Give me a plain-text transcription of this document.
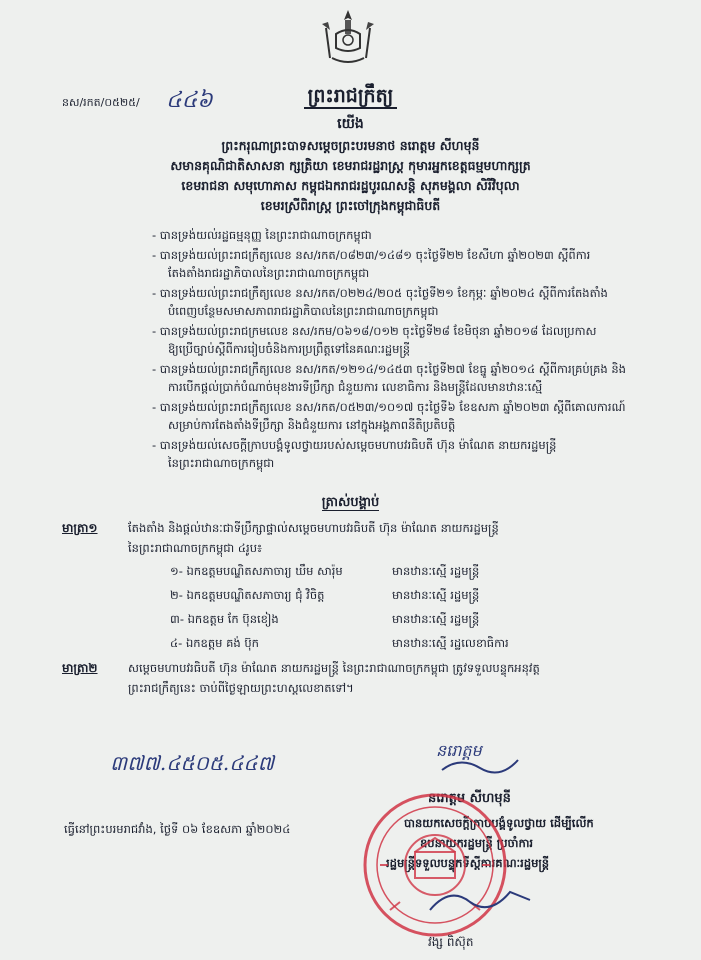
នស/រកត/០៥២៥/ ៤៤៦	ព្រះរាជក្រឹត្យ
យើង
ព្រះករុណាព្រះបាទសម្តេចព្រះបរមនាថ នរោត្តម សីហមុនី
សមានគុណិជាតិសាសនា ក្សត្រិយា ខេមរាជរដ្ឋរាស្ត្រ កុមារអ្នកខេត្តធម្មមហាក្សត្រ
ខេមរាជនា សមុហោភាស កម្ពុជឯករាជរដ្ឋបូរណសន្តិ សុភមង្គលា សិរីវិបុលា
ខេមរស្រីពិរាស្ត្រ ព្រះចៅក្រុងកម្ពុជាធិបតី
- បានទ្រង់យល់រដ្ឋធម្មនុញ្ញ នៃព្រះរាជាណាចក្រកម្ពុជា
- បានទ្រង់យល់ព្រះរាជក្រឹត្យលេខ នស/រកត/០៨២៣/១៤៨១ ចុះថ្ងៃទី២២ ខែសីហា ឆ្នាំ២០២៣ ស្តីពីការ
តែងតាំងរាជរដ្ឋាភិបាលនៃព្រះរាជាណាចក្រកម្ពុជា
- បានទ្រង់យល់ព្រះរាជក្រឹត្យលេខ នស/រកត/០២២៤/២០៥ ចុះថ្ងៃទី២១ ខែកុម្ភៈ ឆ្នាំ២០២៤ ស្តីពីការតែងតាំង
បំពេញបន្ថែមសមាសភាពរាជរដ្ឋាភិបាលនៃព្រះរាជាណាចក្រកម្ពុជា
- បានទ្រង់យល់ព្រះរាជក្រមលេខ នស/រកម/០៦១៨/០១២ ចុះថ្ងៃទី២៨ ខែមិថុនា ឆ្នាំ២០១៨ ដែលប្រកាស
ឱ្យប្រើច្បាប់ស្តីពីការរៀបចំនិងការប្រព្រឹត្តទៅនៃគណៈរដ្ឋមន្ត្រី
- បានទ្រង់យល់ព្រះរាជក្រឹត្យលេខ នស/រកត/១២១៤/១៤៥៣ ចុះថ្ងៃទី២៧ ខែធ្នូ ឆ្នាំ២០១៤ ស្តីពីការគ្រប់គ្រង និង
ការបើកផ្តល់ប្រាក់បំណាច់មុខងារទីប្រឹក្សា ជំនួយការ លេខាធិការ និងមន្ត្រីដែលមានឋានៈស្មើ
- បានទ្រង់យល់ព្រះរាជក្រឹត្យលេខ នស/រកត/០៥២៣/១០១៧ ចុះថ្ងៃទី៦ ខែឧសភា ឆ្នាំ២០២៣ ស្តីពីគោលការណ៍
សម្រាប់ការតែងតាំងទីប្រឹក្សា និងជំនួយការ នៅក្នុងអង្គភាពនីតិប្រតិបត្តិ
- បានទ្រង់យល់សេចក្តីក្រាបបង្គំទូលថ្វាយរបស់សម្តេចមហាបវរធិបតី ហ៊ុន ម៉ាណែត នាយករដ្ឋមន្ត្រី
នៃព្រះរាជាណាចក្រកម្ពុជា
ត្រាស់បង្គាប់
មាត្រា១	តែងតាំង និងផ្តល់ឋានៈជាទីប្រឹក្សាផ្ទាល់សម្តេចមហាបវរធិបតី ហ៊ុន ម៉ាណែត នាយករដ្ឋមន្ត្រី
នៃព្រះរាជាណាចក្រកម្ពុជា ៤រូប៖
១- ឯកឧត្តមបណ្ឌិតសភាចារ្យ ឃឹម សារ៉ុម	មានឋានៈស្មើ រដ្ឋមន្ត្រី
២- ឯកឧត្តមបណ្ឌិតសភាចារ្យ ជុំ វិចិត្ត	មានឋានៈស្មើ រដ្ឋមន្ត្រី
៣- ឯកឧត្តម កែ ប៊ុនខៀង	មានឋានៈស្មើ រដ្ឋមន្ត្រី
៤- ឯកឧត្តម គង់ ប៊ុក	មានឋានៈស្មើ រដ្ឋលេខាធិការ
មាត្រា២	សម្តេចមហាបវរធិបតី ហ៊ុន ម៉ាណែត នាយករដ្ឋមន្ត្រី នៃព្រះរាជាណាចក្រកម្ពុជា ត្រូវទទួលបន្ទុកអនុវត្ត
ព្រះរាជក្រឹត្យនេះ ចាប់ពីថ្ងៃឡាយព្រះហស្តលេខាតទៅ។
៣៧៧.៤៥០៥.៤៤៧
នរោត្តម
នរោត្តម សីហមុនី
ធ្វើនៅព្រះបរមរាជវាំង, ថ្ងៃទី ០៦ ខែឧសភា ឆ្នាំ២០២៤	បានយកសេចក្តីក្រាបបង្គំទូលថ្វាយ ដើម្បីលើក
ឧបនាយករដ្ឋមន្ត្រី ប្រចាំការ
រដ្ឋមន្ត្រីទទួលបន្ទុកទីស្តីការគណៈរដ្ឋមន្ត្រី
វង្ស ពិស៊ុត
